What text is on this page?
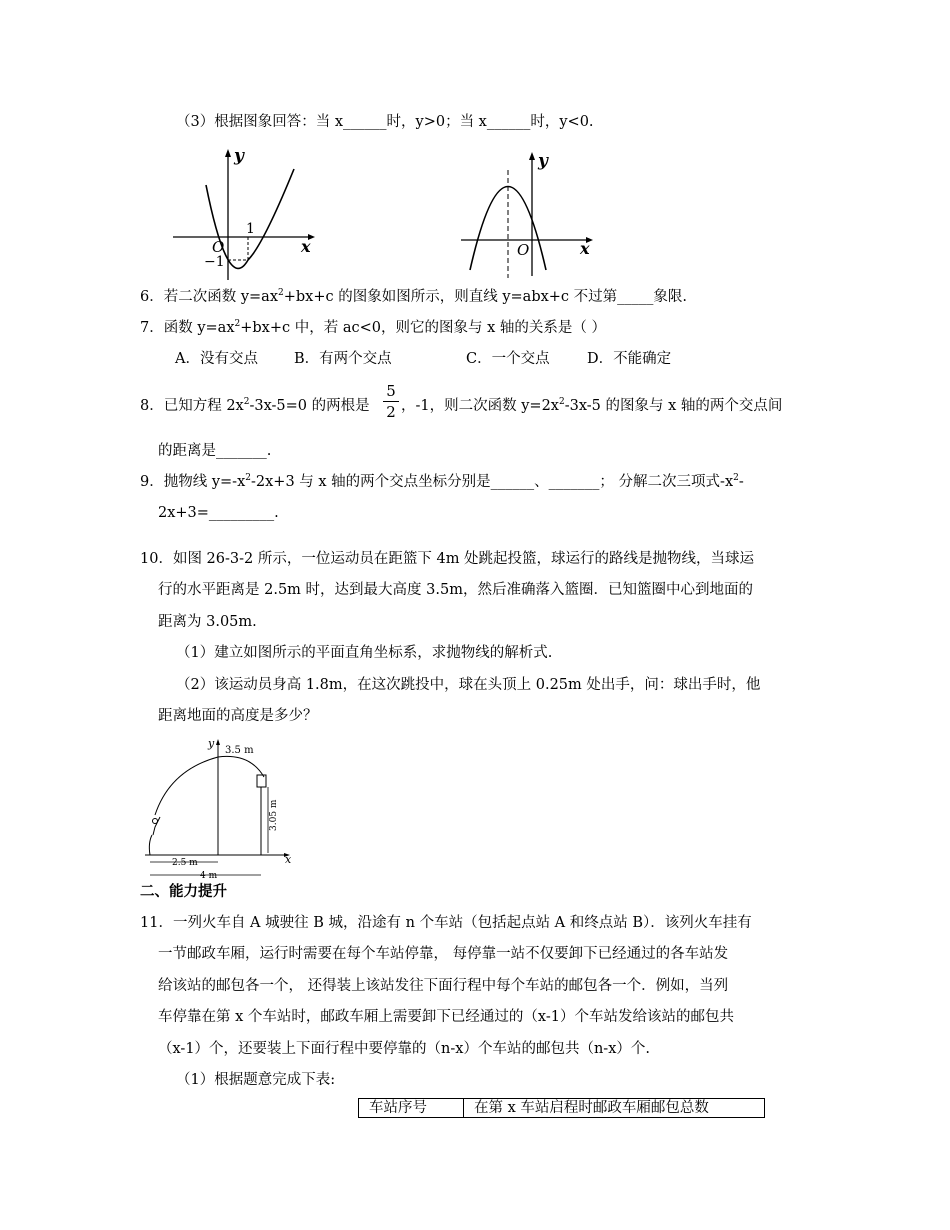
（3）根据图象回答：当 x______时，y>0；当 x______时，y<0.
y
x
O
1
−1
y
x
O
6．若二次函数 $y=ax^2+bx+c$ 的图象如图所示，则直线 y=abx+c 不过第_____象限.
7．函数 $y=ax^2+bx+c$ 中，若 ac<0，则它的图象与 x 轴的关系是（ ）
A．没有交点 B．有两个交点	C．一个交点	D．不能确定
8．已知方程 $2x^2-3x-5=0$ 的两根是
5
2 ，-1，则二次函数 $y=2x^2-3x-5$ 的图象与 x 轴的两个交点间
的距离是_______.
9．抛物线 $y=-x^2-2x+3$ 与 x 轴的两个交点坐标分别是______、_______； 分解二次三项式$-x^2-$
2x+3=_________.
10．如图 26-3-2 所示，一位运动员在距篮下 4m 处跳起投篮，球运行的路线是抛物线，当球运
行的水平距离是 2.5m 时，达到最大高度 3.5m，然后准确落入篮圈．已知篮圈中心到地面的
距离为 3.05m.
（1）建立如图所示的平面直角坐标系，求抛物线的解析式.
（2）该运动员身高 1.8m，在这次跳投中，球在头顶上 0.25m 处出手，问：球出手时，他
距离地面的高度是多少？
y
3.5 m
x
3.05 m
2.5 m
4 m
二、能力提升
11．一列火车自 A 城驶往 B 城，沿途有 n 个车站（包括起点站 A 和终点站 B）．该列火车挂有
一节邮政车厢，运行时需要在每个车站停靠， 每停靠一站不仅要卸下已经通过的各车站发
给该站的邮包各一个， 还得装上该站发往下面行程中每个车站的邮包各一个．例如，当列
车停靠在第 x 个车站时，邮政车厢上需要卸下已经通过的（x-1）个车站发给该站的邮包共
（x-1）个，还要装上下面行程中要停靠的（n-x）个车站的邮包共（n-x）个.
（1）根据题意完成下表:
车站序号	在第 x 车站启程时邮政车厢邮包总数
